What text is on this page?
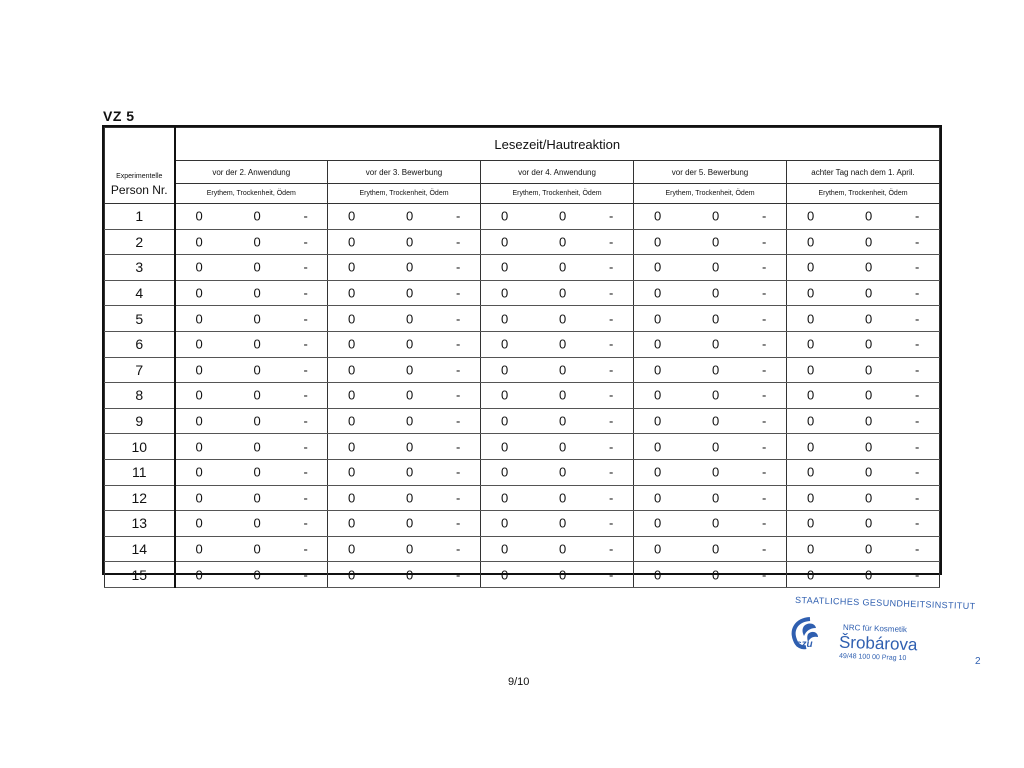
VZ 5
Experimentelle
Person Nr.	Lesezeit/Hautreaktion				
	vor der 2. Anwendung	vor der 3. Bewerbung	vor der 4. Anwendung	vor der 5. Bewerbung	achter Tag nach dem 1. April.
	Erythem, Trockenheit, Ödem	Erythem, Trockenheit, Ödem	Erythem, Trockenheit, Ödem	Erythem, Trockenheit, Ödem	Erythem, Trockenheit, Ödem
1	0 0 -	0 0 -	0 0 -	0 0 -	0 0 -

2	0 0 -	0 0 -	0 0 -	0 0 -	0 0 -

3	0 0 -	0 0 -	0 0 -	0 0 -	0 0 -

4	0 0 -	0 0 -	0 0 -	0 0 -	0 0 -

5	0 0 -	0 0 -	0 0 -	0 0 -	0 0 -

6	0 0 -	0 0 -	0 0 -	0 0 -	0 0 -

7	0 0 -	0 0 -	0 0 -	0 0 -	0 0 -

8	0 0 -	0 0 -	0 0 -	0 0 -	0 0 -

9	0 0 -	0 0 -	0 0 -	0 0 -	0 0 -

10	0 0 -	0 0 -	0 0 -	0 0 -	0 0 -

11	0 0 -	0 0 -	0 0 -	0 0 -	0 0 -

12	0 0 -	0 0 -	0 0 -	0 0 -	0 0 -

13	0 0 -	0 0 -	0 0 -	0 0 -	0 0 -

14	0 0 -	0 0 -	0 0 -	0 0 -	0 0 -

15	0 0 -	0 0 -	0 0 -	0 0 -	0 0 -
STAATLICHES GESUNDHEITSINSTITUT
szu
NRC für Kosmetik
Šrobárova
49/48 100 00 Prag 10	2
9/10
